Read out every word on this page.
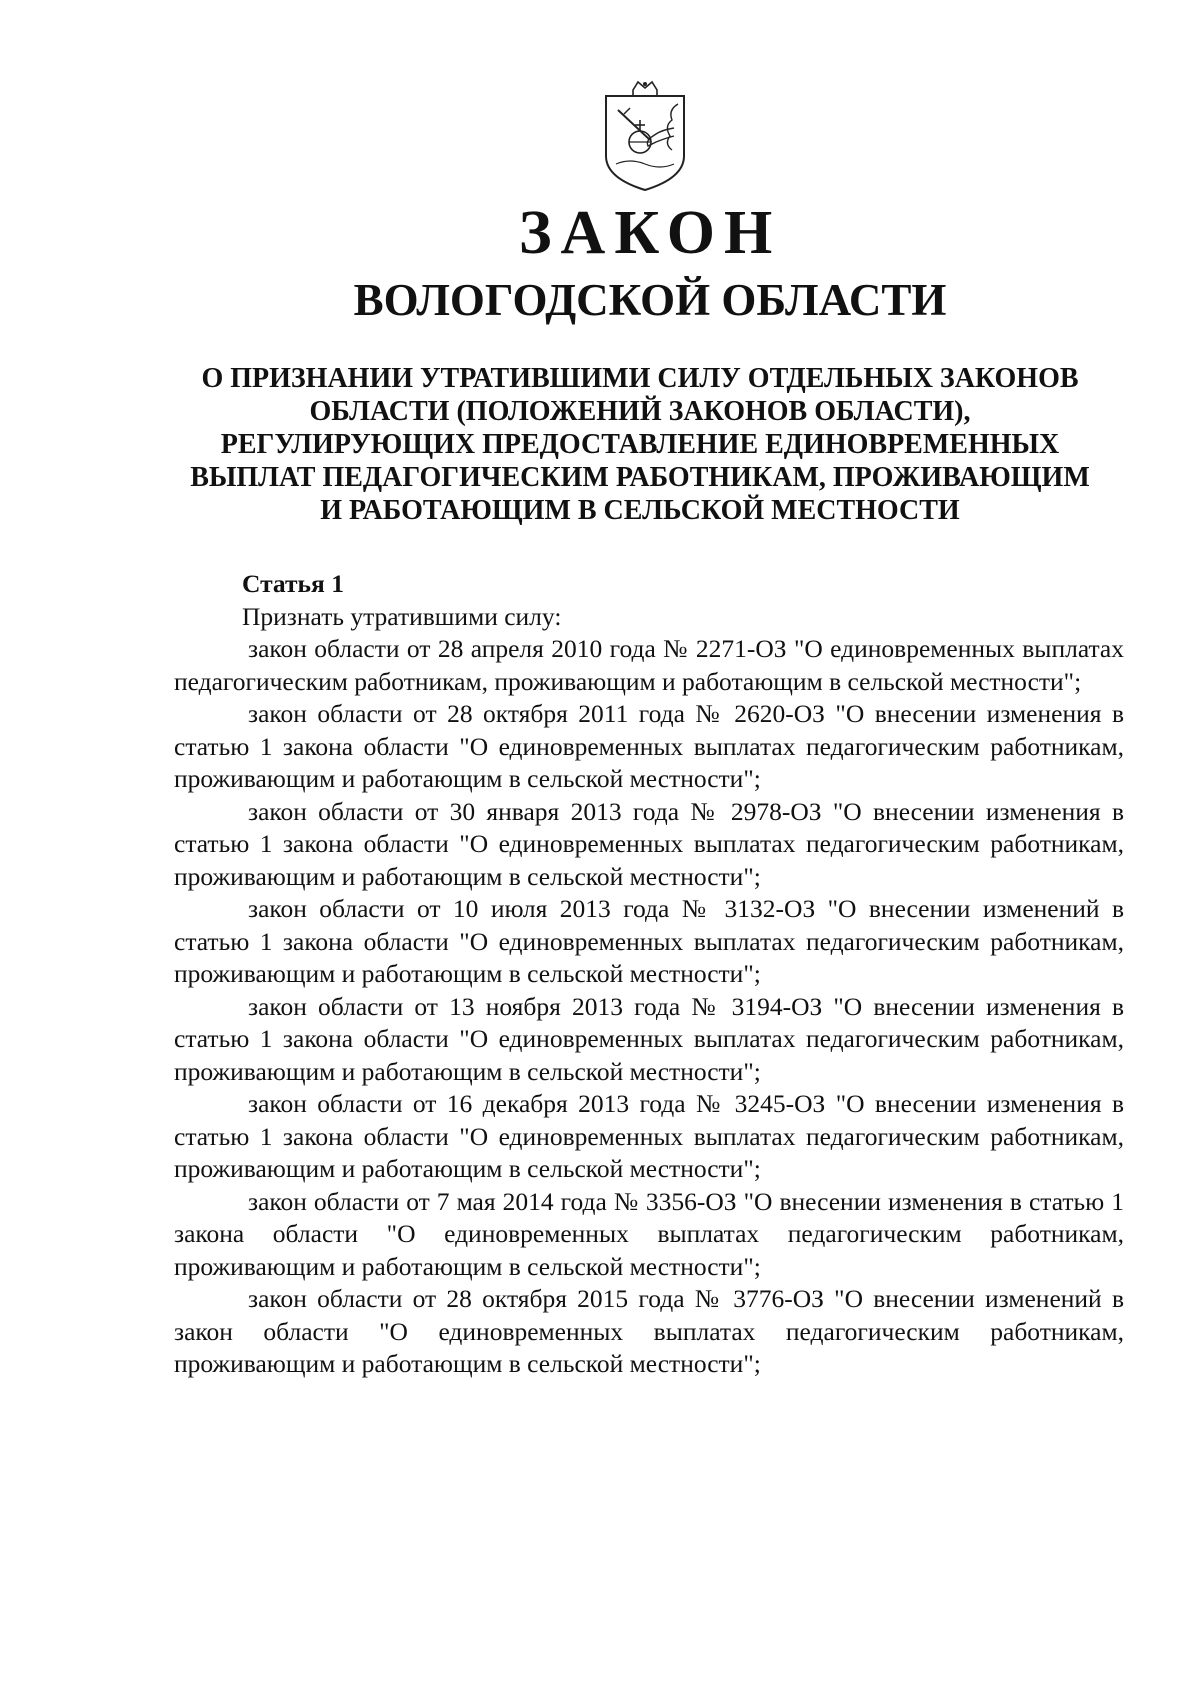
ЗАКОН
ВОЛОГОДСКОЙ ОБЛАСТИ
О ПРИЗНАНИИ УТРАТИВШИМИ СИЛУ ОТДЕЛЬНЫХ ЗАКОНОВ
ОБЛАСТИ (ПОЛОЖЕНИЙ ЗАКОНОВ ОБЛАСТИ),
РЕГУЛИРУЮЩИХ ПРЕДОСТАВЛЕНИЕ ЕДИНОВРЕМЕННЫХ
ВЫПЛАТ ПЕДАГОГИЧЕСКИМ РАБОТНИКАМ, ПРОЖИВАЮЩИМ
И РАБОТАЮЩИМ В СЕЛЬСКОЙ МЕСТНОСТИ
Статья 1
Признать утратившими силу:

закон области от 28 апреля 2010 года № 2271-ОЗ "О единовременных выплатах педагогическим работникам, проживающим и работающим в сельской местности";

закон области от 28 октября 2011 года № 2620-ОЗ "О внесении изменения в статью 1 закона области "О единовременных выплатах педагогическим работникам, проживающим и работающим в сельской местности";

закон области от 30 января 2013 года № 2978-ОЗ "О внесении изменения в статью 1 закона области "О единовременных выплатах педагогическим работникам, проживающим и работающим в сельской местности";

закон области от 10 июля 2013 года № 3132-ОЗ "О внесении изменений в статью 1 закона области "О единовременных выплатах педагогическим работникам, проживающим и работающим в сельской местности";

закон области от 13 ноября 2013 года № 3194-ОЗ "О внесении изменения в статью 1 закона области "О единовременных выплатах педагогическим работникам, проживающим и работающим в сельской местности";

закон области от 16 декабря 2013 года № 3245-ОЗ "О внесении изменения в статью 1 закона области "О единовременных выплатах педагогическим работникам, проживающим и работающим в сельской местности";

закон области от 7 мая 2014 года № 3356-ОЗ "О внесении изменения в статью 1 закона области "О единовременных выплатах педагогическим работникам, проживающим и работающим в сельской местности";

закон области от 28 октября 2015 года № 3776-ОЗ "О внесении изменений в закон области "О единовременных выплатах педагогическим работникам, проживающим и работающим в сельской местности";
